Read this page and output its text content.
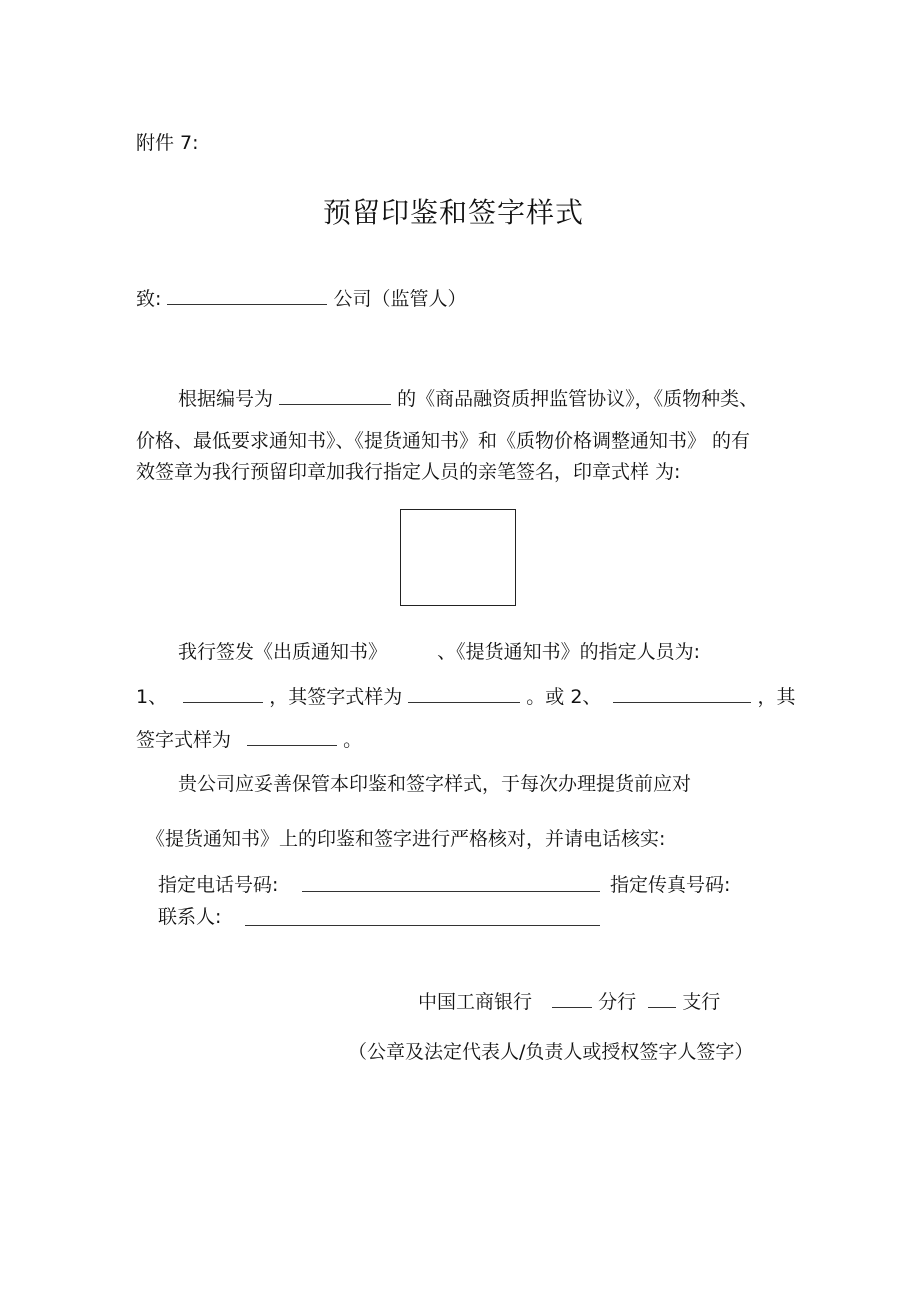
附件 7:
预留印鉴和签字样式
致:	公司（监管人）
根据编号为	的《商品融资质押监管协议》，《质物种类、
价格、最低要求通知书》、《提货通知书》和《质物价格调整通知书》 的有
效签章为我行预留印章加我行指定人员的亲笔签名，印章式样 为:
我行签发《出质通知书》	、《提货通知书》的指定人员为:
1、	，其签字式样为	。或 2、	，其
签字式样为	。
贵公司应妥善保管本印鉴和签字样式，于每次办理提货前应对
《提货通知书》上的印鉴和签字进行严格核对，并请电话核实:
指定电话号码:	指定传真号码:
联系人:
中国工商银行	分行 支行
（公章及法定代表人/负责人或授权签字人签字）
